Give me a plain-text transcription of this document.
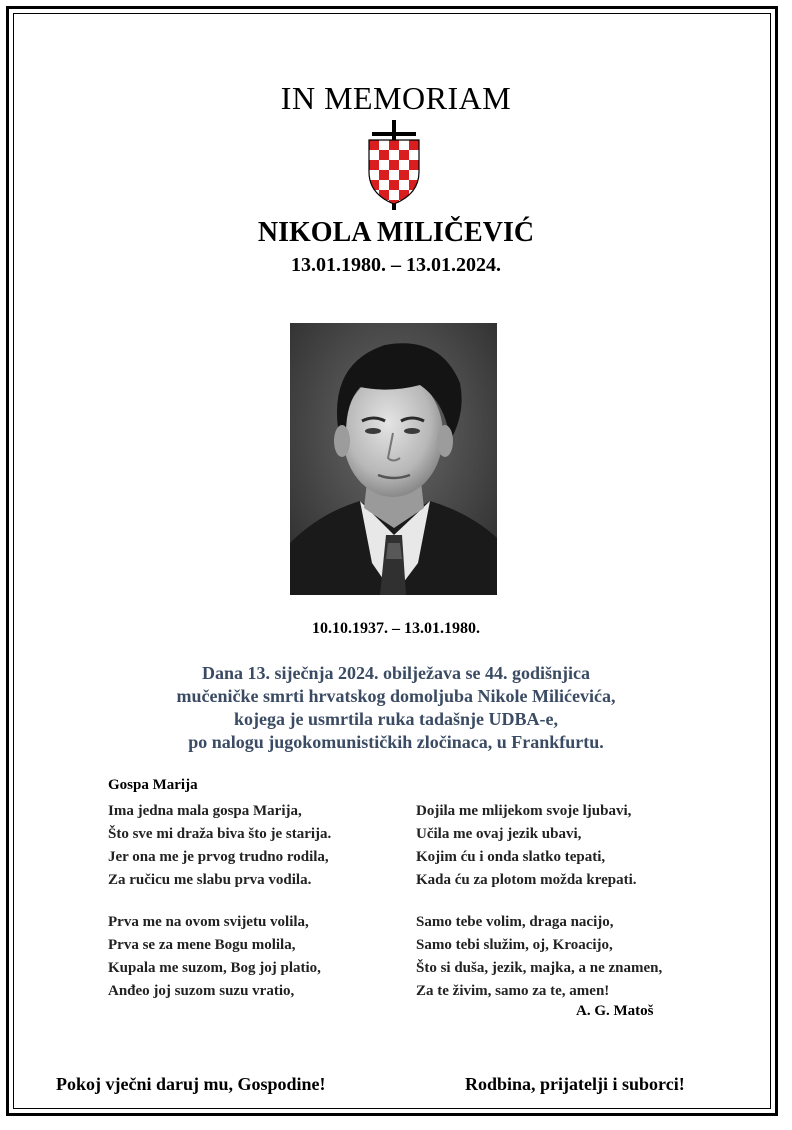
IN MEMORIAM
NIKOLA MILIČEVIĆ
13.01.1980. – 13.01.2024.
10.10.1937. – 13.01.1980.
Dana 13. siječnja 2024. obilježava se 44. godišnjica
mučeničke smrti hrvatskog domoljuba Nikole Milićevića,
kojega je usmrtila ruka tadašnje UDBA-e,
po nalogu jugokomunističkih zločinaca, u Frankfurtu.
Gospa Marija
Ima jedna mala gospa Marija,
Što sve mi draža biva što je starija.
Jer ona me je prvog trudno rodila,
Za ručicu me slabu prva vodila.
Dojila me mlijekom svoje ljubavi,
Učila me ovaj jezik ubavi,
Kojim ću i onda slatko tepati,
Kada ću za plotom možda krepati.
Prva me na ovom svijetu volila,
Prva se za mene Bogu molila,
Kupala me suzom, Bog joj platio,
Anđeo joj suzom suzu vratio,
Samo tebe volim, draga nacijo,
Samo tebi služim, oj, Kroacijo,
Što si duša, jezik, majka, a ne znamen,
Za te živim, samo za te, amen!
A. G. Matoš
Pokoj vječni daruj mu, Gospodine!	Rodbina, prijatelji i suborci!
